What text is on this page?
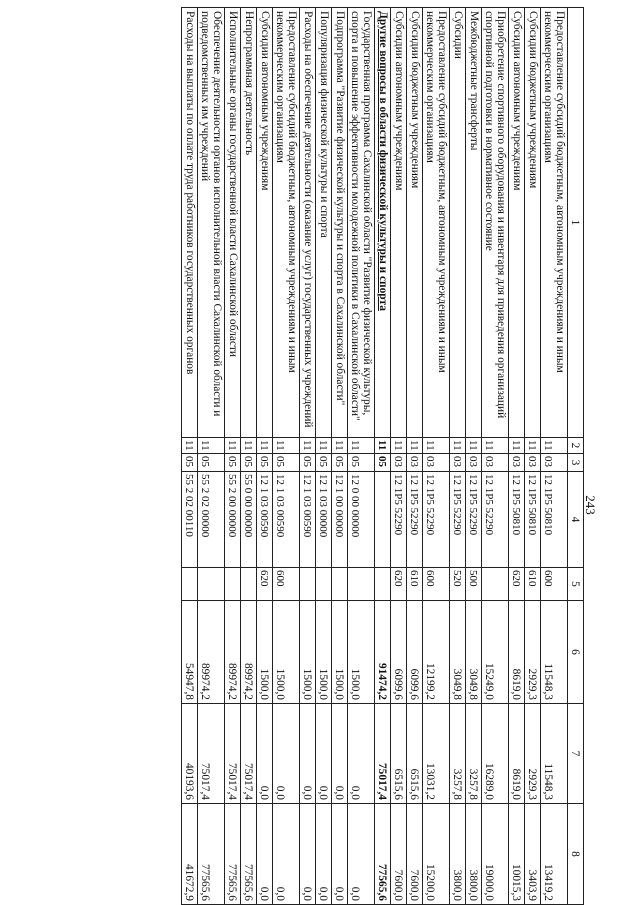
243
1	2	3	4	5	6	7	8
Предоставление субсидий бюджетным, автономным учреждениям и иным некоммерческим организациям	11	03	12 1P5 50810	600	11548,3	11548,3	13419,2
Субсидии бюджетным учреждениям	11	03	12 1P5 50810	610	2929,3	2929,3	3403,9
Субсидии автономным учреждениям	11	03	12 1P5 50810	620	8619,0	8619,0	10015,3
Приобретение спортивного оборудования и инвентаря для приведения организаций спортивной подготовки в нормативное состояние	11	03	12 1P5 52290		15249,0	16289,0	19000,0
Межбюджетные трансферты	11	03	12 1P5 52290	500	3049,8	3257,8	3800,0
Субсидии	11	03	12 1P5 52290	520	3049,8	3257,8	3800,0
Предоставление субсидий бюджетным, автономным учреждениям и иным некоммерческим организациям	11	03	12 1P5 52290	600	12199,2	13031,2	15200,0
Субсидии бюджетным учреждениям	11	03	12 1P5 52290	610	6099,6	6515,6	7600,0
Субсидии автономным учреждениям	11	03	12 1P5 52290	620	6099,6	6515,6	7600,0
Другие вопросы в области физической культуры и спорта	11	05			91474,2	75017,4	77565,6
Государственная программа Сахалинской области "Развитие физической культуры, спорта и повышение эффективности молодежной политики в Сахалинской области"	11	05	12 0 00 00000		1500,0	0,0	0,0
Подпрограмма "Развитие физической культуры и спорта в Сахалинской области"	11	05	12 1 00 00000		1500,0	0,0	0,0
Популяризация физической культуры и спорта	11	05	12 1 03 00000		1500,0	0,0	0,0
Расходы на обеспечение деятельности (оказание услуг) государственных учреждений	11	05	12 1 03 00590		1500,0	0,0	0,0
Предоставление субсидий бюджетным, автономным учреждениям и иным некоммерческим организациям	11	05	12 1 03 00590	600	1500,0	0,0	0,0
Субсидии автономным учреждениям	11	05	12 1 03 00590	620	1500,0	0,0	0,0
Непрограммная деятельность	11	05	55 0 00 00000		89974,2	75017,4	77565,6
Исполнительные органы государственной власти Сахалинской области	11	05	55 2 00 00000		89974,2	75017,4	77565,6
Обеспечение деятельности органов исполнительной власти Сахалинской области и подведомственных им учреждений	11	05	55 2 02 00000		89974,2	75017,4	77565,6
Расходы на выплаты по оплате труда работников государственных органов	11	05	55 2 02 00110		54947,8	40193,6	41672,9
